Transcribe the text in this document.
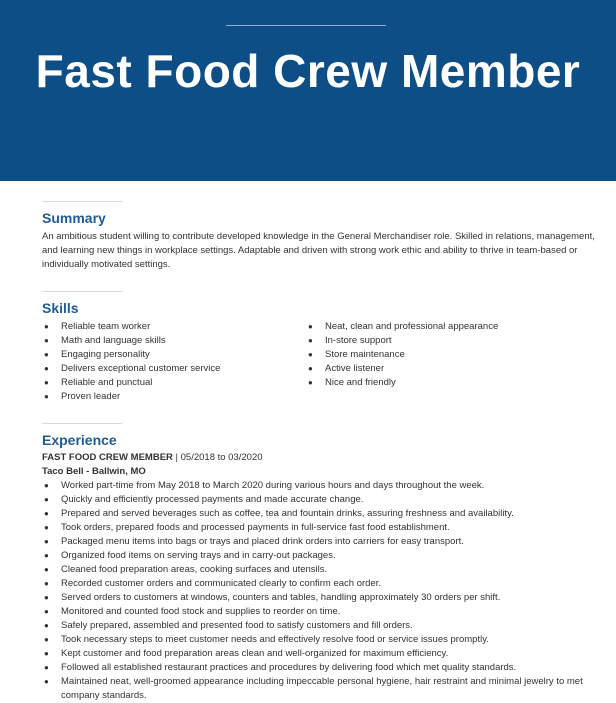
Fast Food Crew Member
Summary

An ambitious student willing to contribute developed knowledge in the General Merchandiser role. Skilled in relations, management, and learning new things in workplace settings. Adaptable and driven with strong work ethic and ability to thrive in team-based or individually motivated settings.

Skills
● Reliable team worker
● Math and language skills
● Engaging personality
● Delivers exceptional customer service
● Reliable and punctual
● Proven leader
● Neat, clean and professional appearance
● In-store support
● Store maintenance
● Active listener
● Nice and friendly
Experience

FAST FOOD CREW MEMBER | 05/2018 to 03/2020

Taco Bell - Ballwin, MO

● Worked part-time from May 2018 to March 2020 during various hours and days throughout the week.
● Quickly and efficiently processed payments and made accurate change.
● Prepared and served beverages such as coffee, tea and fountain drinks, assuring freshness and availability.
● Took orders, prepared foods and processed payments in full-service fast food establishment.
● Packaged menu items into bags or trays and placed drink orders into carriers for easy transport.
● Organized food items on serving trays and in carry-out packages.
● Cleaned food preparation areas, cooking surfaces and utensils.
● Recorded customer orders and communicated clearly to confirm each order.
● Served orders to customers at windows, counters and tables, handling approximately 30 orders per shift.
● Monitored and counted food stock and supplies to reorder on time.
● Safely prepared, assembled and presented food to satisfy customers and fill orders.
● Took necessary steps to meet customer needs and effectively resolve food or service issues promptly.
● Kept customer and food preparation areas clean and well-organized for maximum efficiency.
● Followed all established restaurant practices and procedures by delivering food which met quality standards.
● Maintained neat, well-groomed appearance including impeccable personal hygiene, hair restraint and minimal jewelry to met company standards.
